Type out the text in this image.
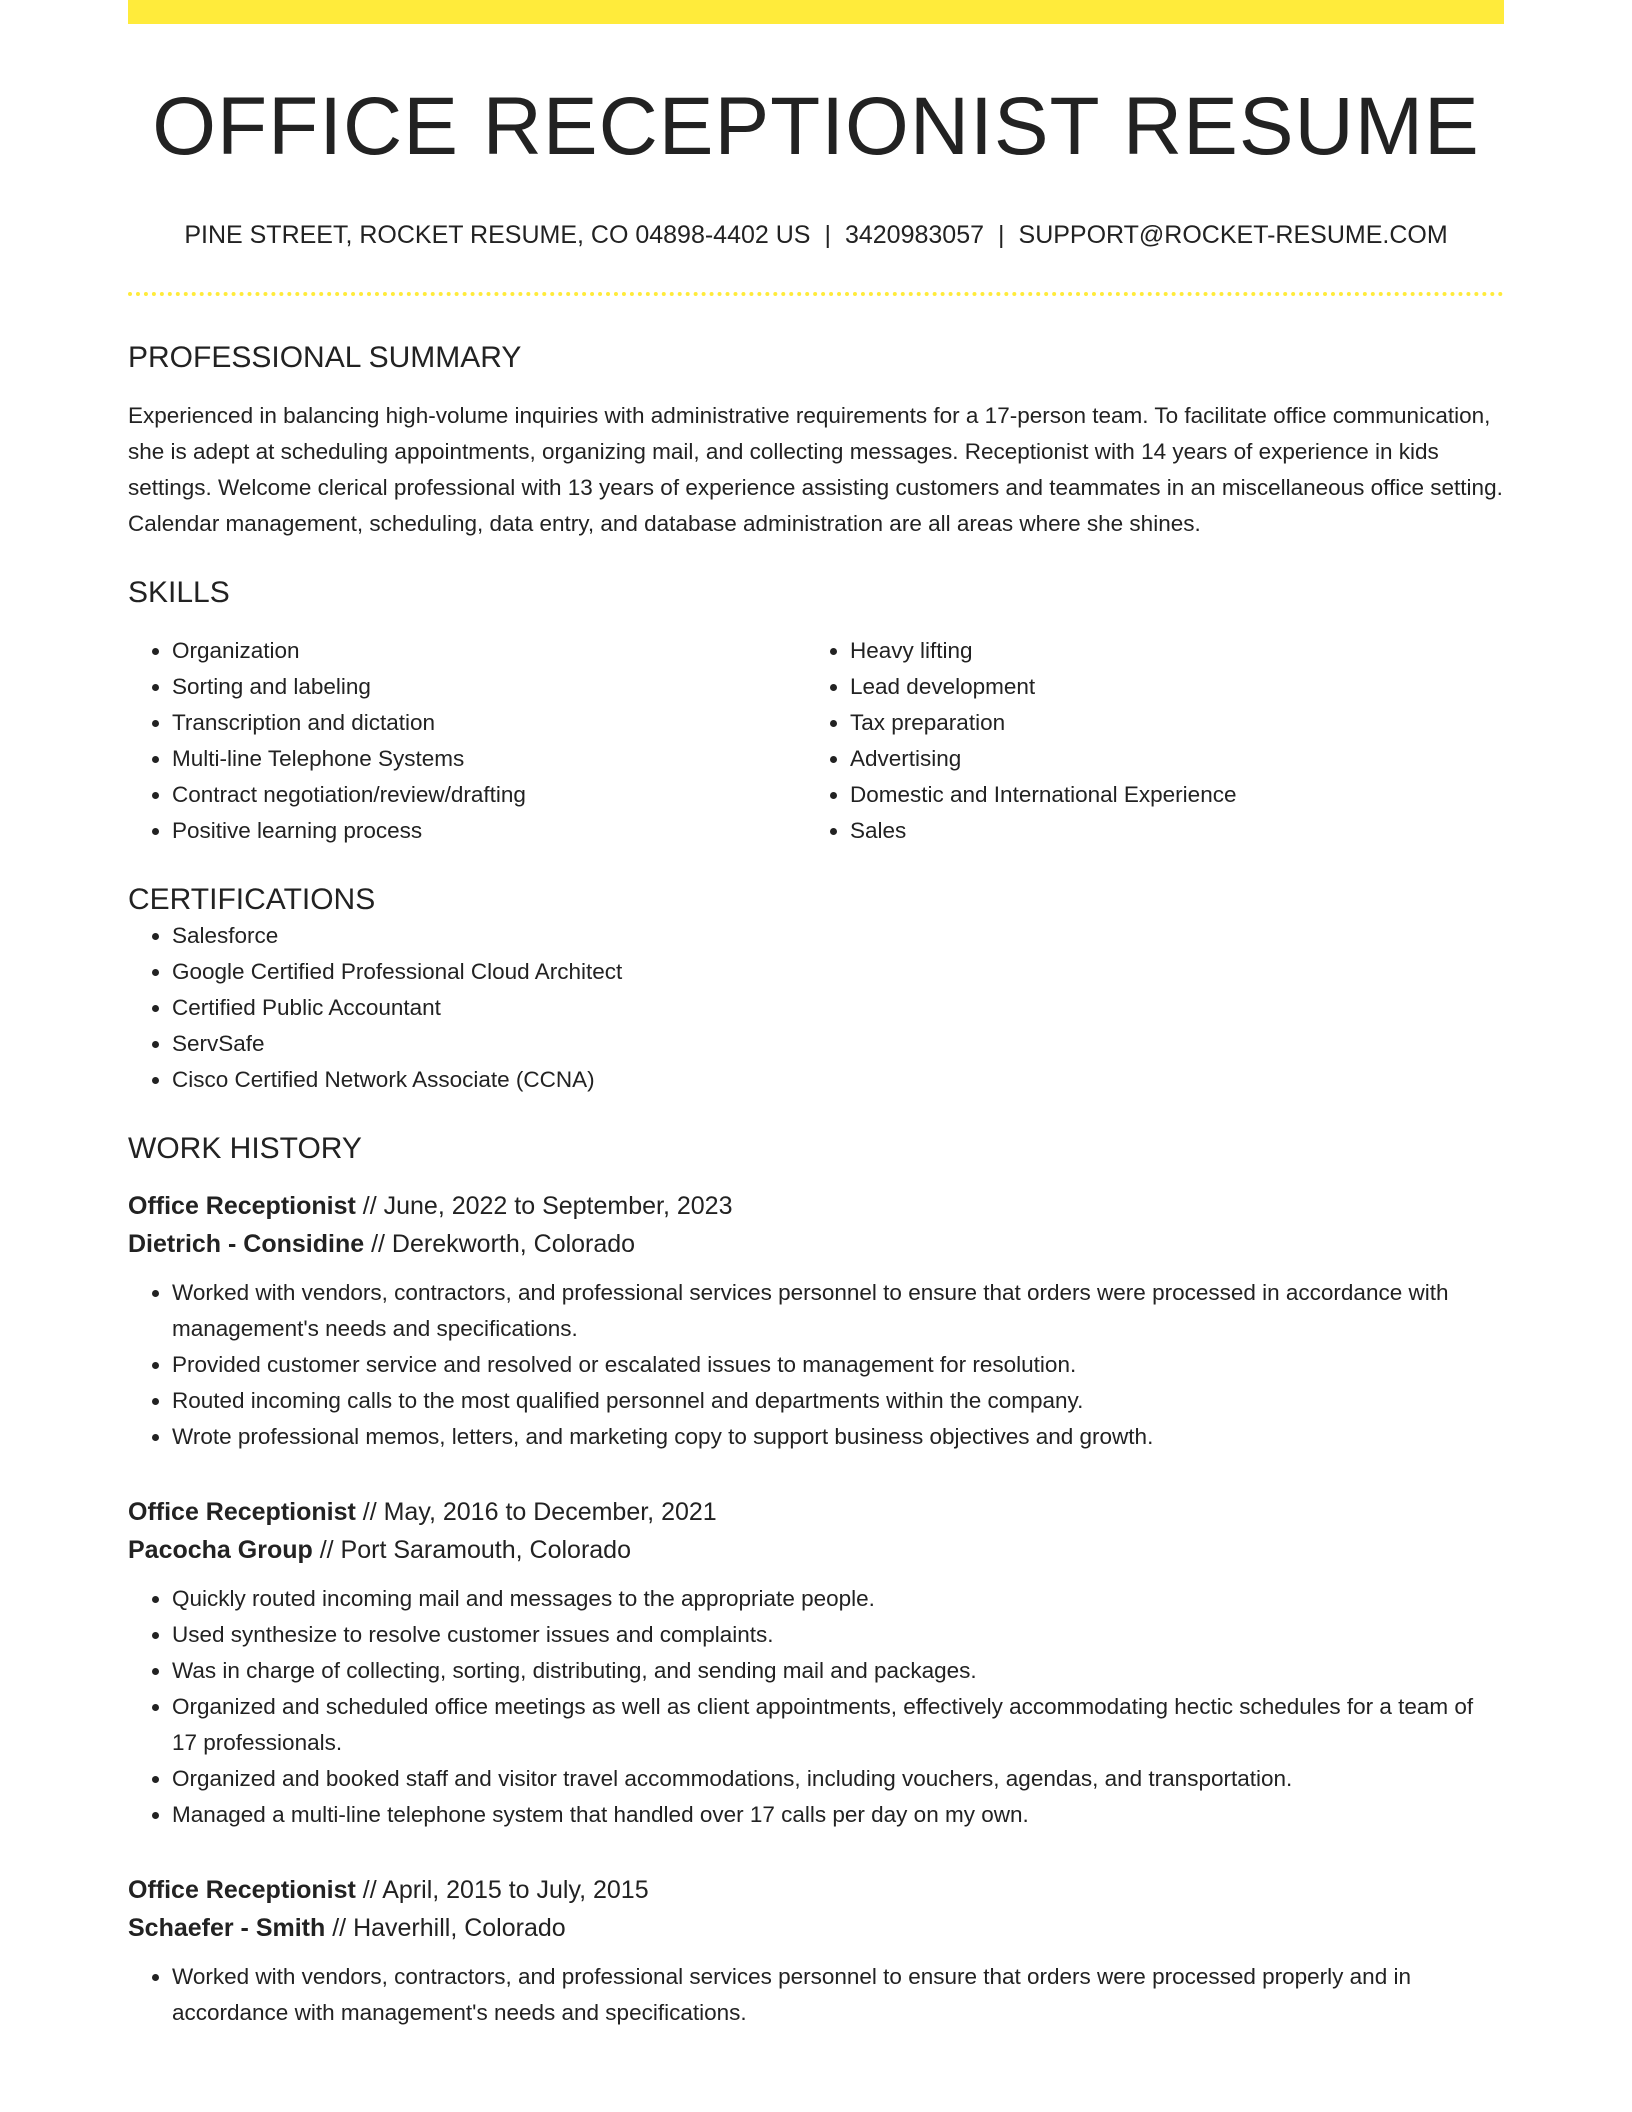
OFFICE RECEPTIONIST RESUME
PINE STREET, ROCKET RESUME, CO 04898-4402 US | 3420983057 | SUPPORT@ROCKET-RESUME.COM
PROFESSIONAL SUMMARY

Experienced in balancing high-volume inquiries with administrative requirements for a 17-person team. To facilitate office communication, she is adept at scheduling appointments, organizing mail, and collecting messages. Receptionist with 14 years of experience in kids settings. Welcome clerical professional with 13 years of experience assisting customers and teammates in an miscellaneous office setting. Calendar management, scheduling, data entry, and database administration are all areas where she shines.

SKILLS
• Organization
• Sorting and labeling
• Transcription and dictation
• Multi-line Telephone Systems
• Contract negotiation/review/drafting
• Positive learning process
• Heavy lifting
• Lead development
• Tax preparation
• Advertising
• Domestic and International Experience
• Sales
CERTIFICATIONS
• Salesforce
• Google Certified Professional Cloud Architect
• Certified Public Accountant
• ServSafe
• Cisco Certified Network Associate (CCNA)
WORK HISTORY
Office Receptionist // June, 2022 to September, 2023
Dietrich - Considine // Derekworth, Colorado
• Worked with vendors, contractors, and professional services personnel to ensure that orders were processed in accordance with management's needs and specifications.
• Provided customer service and resolved or escalated issues to management for resolution.
• Routed incoming calls to the most qualified personnel and departments within the company.
• Wrote professional memos, letters, and marketing copy to support business objectives and growth.
Office Receptionist // May, 2016 to December, 2021
Pacocha Group // Port Saramouth, Colorado
• Quickly routed incoming mail and messages to the appropriate people.
• Used synthesize to resolve customer issues and complaints.
• Was in charge of collecting, sorting, distributing, and sending mail and packages.
• Organized and scheduled office meetings as well as client appointments, effectively accommodating hectic schedules for a team of 17 professionals.
• Organized and booked staff and visitor travel accommodations, including vouchers, agendas, and transportation.
• Managed a multi-line telephone system that handled over 17 calls per day on my own.
Office Receptionist // April, 2015 to July, 2015
Schaefer - Smith // Haverhill, Colorado
• Worked with vendors, contractors, and professional services personnel to ensure that orders were processed properly and in accordance with management's needs and specifications.
